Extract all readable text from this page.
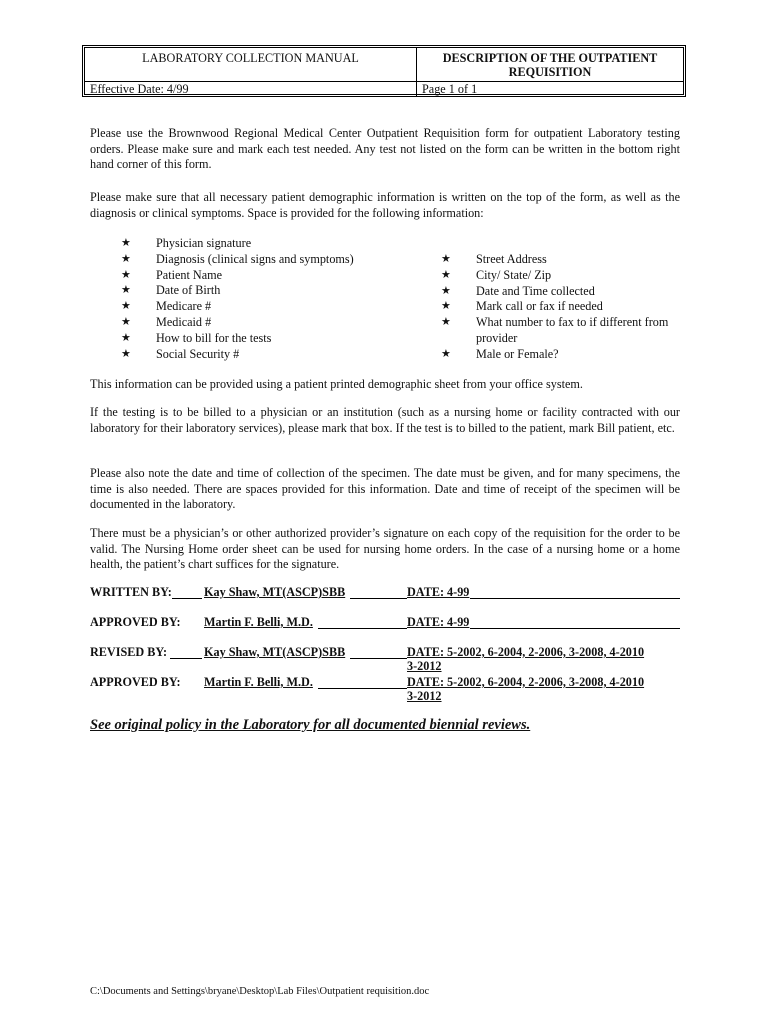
LABORATORY COLLECTION MANUAL	DESCRIPTION OF THE OUTPATIENT
REQUISITION
Effective Date: 4/99	Page 1 of 1

Please use the Brownwood Regional Medical Center Outpatient Requisition form for outpatient Laboratory testing orders. Please make sure and mark each test needed. Any test not listed on the form can be written in the bottom right hand corner of this form.

Please make sure that all necessary patient demographic information is written on the top of the form, as well as the diagnosis or clinical symptoms. Space is provided for the following information:

★ Physician signature
★ Diagnosis (clinical signs and symptoms)
★ Patient Name
★ Date of Birth
★ Medicare #
★ Medicaid #
★ How to bill for the tests
★ Social Security #
★ Street Address
★ City/ State/ Zip
★ Date and Time collected
★ Mark call or fax if needed
★ What number to fax to if different from provider
★ Male or Female?

This information can be provided using a patient printed demographic sheet from your office system.

If the testing is to be billed to a physician or an institution (such as a nursing home or facility contracted with our laboratory for their laboratory services), please mark that box. If the test is to billed to the patient, mark Bill patient, etc.

Please also note the date and time of collection of the specimen. The date must be given, and for many specimens, the time is also needed. There are spaces provided for this information. Date and time of receipt of the specimen will be documented in the laboratory.

There must be a physician’s or other authorized provider’s signature on each copy of the requisition for the order to be valid. The Nursing Home order sheet can be used for nursing home orders. In the case of a nursing home or a home health, the patient’s chart suffices for the signature.

WRITTEN BY:	Kay Shaw, MT(ASCP)SBB	DATE: 4-99
APPROVED BY: Martin F. Belli, M.D.	DATE: 4-99
REVISED BY:	Kay Shaw, MT(ASCP)SBB	DATE: 5-2002, 6-2004, 2-2006, 3-2008, 4-2010
3-2012
APPROVED BY: Martin F. Belli, M.D.	DATE: 5-2002, 6-2004, 2-2006, 3-2008, 4-2010
3-2012
See original policy in the Laboratory for all documented biennial reviews.
C:\Documents and Settings\bryane\Desktop\Lab Files\Outpatient requisition.doc
